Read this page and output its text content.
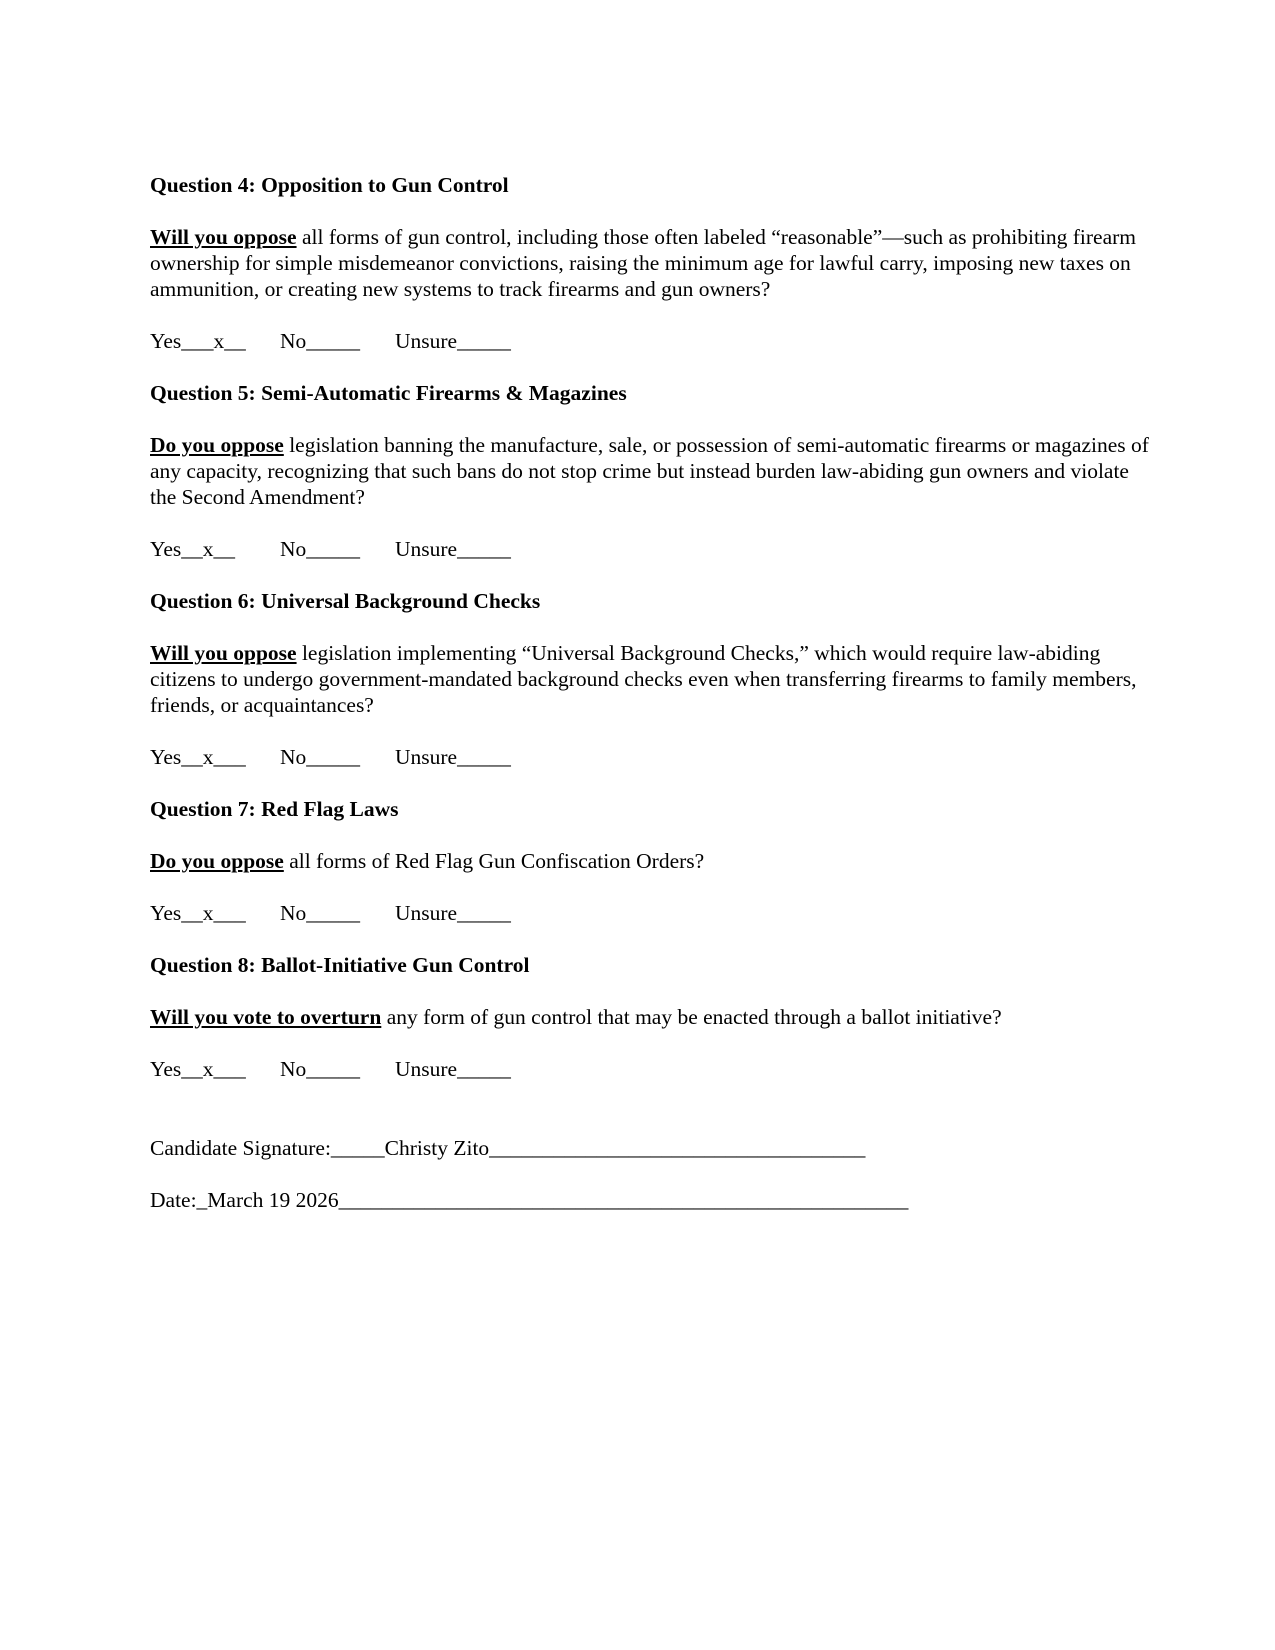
Question 4: Opposition to Gun Control

Will you oppose all forms of gun control, including those often labeled “reasonable”—such as prohibiting firearm ownership for simple misdemeanor convictions, raising the minimum age for lawful carry, imposing new taxes on ammunition, or creating new systems to track firearms and gun owners?

Yes___x__ No_____ Unsure_____

Question 5: Semi-Automatic Firearms & Magazines

Do you oppose legislation banning the manufacture, sale, or possession of semi-automatic firearms or magazines of any capacity, recognizing that such bans do not stop crime but instead burden law-abiding gun owners and violate the Second Amendment?

Yes__x__ No_____ Unsure_____

Question 6: Universal Background Checks

Will you oppose legislation implementing “Universal Background Checks,” which would require law-abiding citizens to undergo government-mandated background checks even when transferring firearms to family members, friends, or acquaintances?

Yes__x___ No_____ Unsure_____

Question 7: Red Flag Laws

Do you oppose all forms of Red Flag Gun Confiscation Orders?

Yes__x___ No_____ Unsure_____

Question 8: Ballot-Initiative Gun Control

Will you vote to overturn any form of gun control that may be enacted through a ballot initiative?

Yes__x___ No_____ Unsure_____

Candidate Signature:_____Christy Zito___________________________________

Date:_March 19 2026_____________________________________________________
